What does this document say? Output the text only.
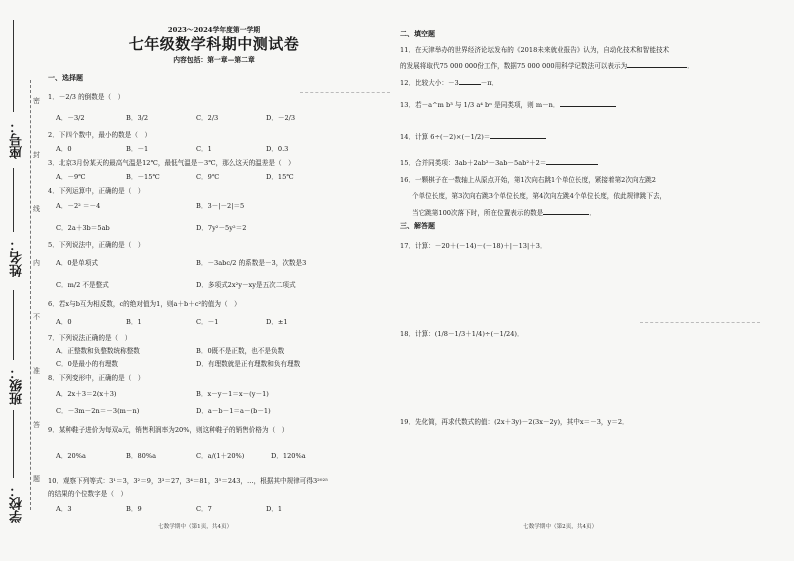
座号：
姓名：
班级：
学校：
密
封
线
内
不
准
答
题
2023～2024学年度第一学期
七年级数学科期中测试卷
内容包括：第一章—第二章
一、选择题
1．－2/3 的倒数是（　）
A．－3/2	B．3/2	C．2/3	D．－2/3
2．下四个数中，最小的数是（　）
A．0	B．－1	C．1	D．0.3
3．北京3月份某天的最高气温是12℃，最低气温是－3℃，那么这天的温差是（　）
A．－9℃	B．－15℃	C．9℃	D．15℃
4．下列运算中，正确的是（　）
A．－2² ＝－4	B．3－|－2|＝5
C．2a＋3b＝5ab	D．7y²－5y²＝2
5．下列说法中，正确的是（　）
A．0是单项式	B．－3abc/2 的系数是－3，次数是3
C．m/2 不是整式	D．多项式2x²y－xy是五次二项式
6．若x与b互为相反数，c的绝对值为1，则a＋b＋c²的值为（　）
A．0	B．1	C．－1	D．±1
7．下列说法正确的是（　）
A．正整数和负整数统称整数	B．0既不是正数，也不是负数
C．0是最小的有理数	D．有理数就是正有理数和负有理数
8．下列变形中，正确的是（　）
A．2x＋3＝2(x＋3)	B．x－y－1＝x－(y－1)
C．－3m－2n＝－3(m－n)	D．a－b－1＝a－(b－1)
9．某种鞋子进价为每双a元，销售利润率为20%，则这种鞋子的销售价格为（　）
A．20%a	B．80%a	C．a/(1＋20%)	D．120%a
10．观察下列等式：3¹＝3，3²＝9，3³＝27，3⁴＝81，3⁵＝243，…，根据其中规律可得3²⁰²⁵
的结果的个位数字是（　）
A．3	B．9	C．7	D．1
七数学期中（第1页，共4页）
二、填空题
11．在天津举办的世界经济论坛发布的《2018未来就业报告》认为，自动化技术和智能技术
的发展将取代75 000 000份工作，数据75 000 000用科学记数法可以表示为	．
12．比较大小：－3	－π．
13．若－a^m b³ 与 1/3 a⁴ bⁿ 是同类项，则 m－n．
14．计算 6÷(－2)×(－1/2)＝
15．合并同类项：3ab＋2ab²－3ab－5ab²＋2＝
16．一颗棋子在一数轴上从原点开始，第1次向右跳1个单位长度，紧接着第2次向左跳2
个单位长度，第3次向右跳3个单位长度，第4次向左跳4个单位长度，依此规律跳下去，
当它跳第100次落下时，所在位置表示的数是	．
三、解答题
17．计算：－20＋(－14)－(－18)＋|－13|＋3．
18．计算：(1/8－1/3＋1/4)÷(－1/24)．
19．先化简，再求代数式的值：(2x＋3y)－2(3x－2y)，其中x＝－3，y＝2．
七数学期中（第2页，共4页）
